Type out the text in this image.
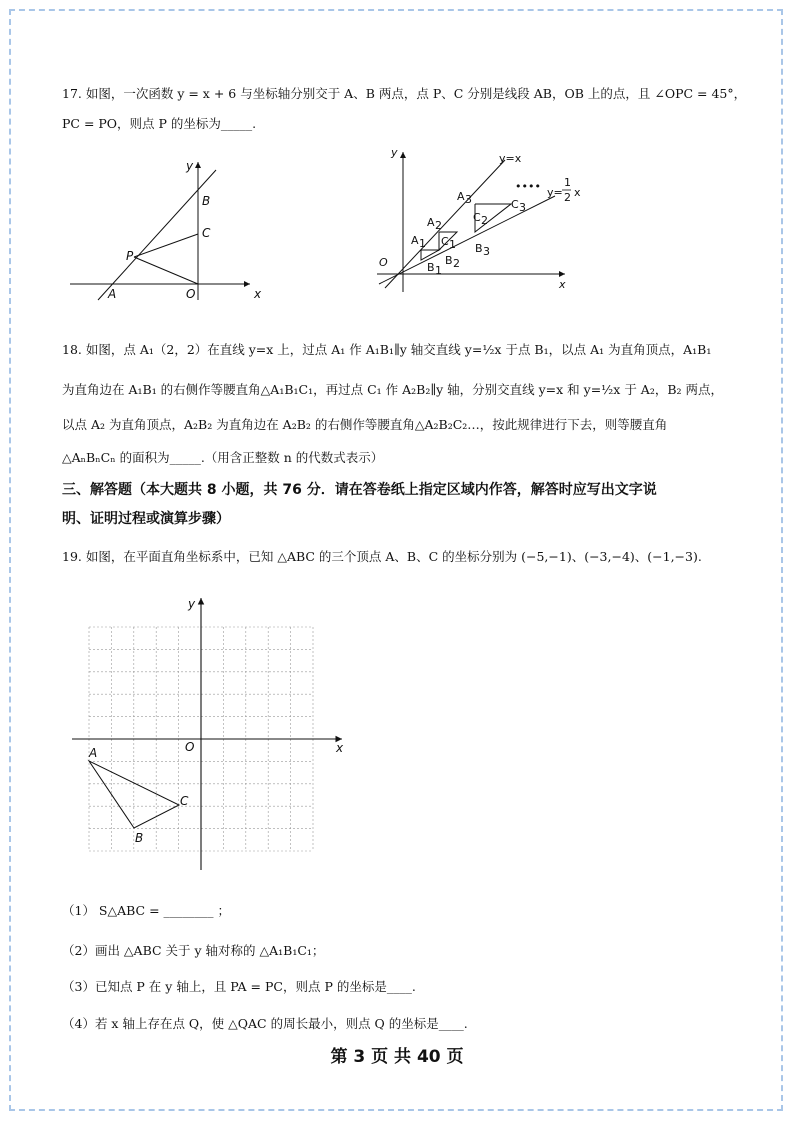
17. 如图，一次函数 y = x + 6 与坐标轴分别交于 A、B 两点，点 P、C 分别是线段 AB，OB 上的点，且 ∠OPC = 45°，
PC = PO，则点 P 的坐标为_____.
x
y
B
C
P
A	O
O
y
x
y=x
y=
1
2 x
••••
A 1
A 2
A 3
B 1
B 2
B 3
C 1
C 2
C 3
18. 如图，点 A₁（2，2）在直线 y=x 上，过点 A₁ 作 A₁B₁∥y 轴交直线 y=½x 于点 B₁，以点 A₁ 为直角顶点，A₁B₁
为直角边在 A₁B₁ 的右侧作等腰直角△A₁B₁C₁，再过点 C₁ 作 A₂B₂∥y 轴，分别交直线 y=x 和 y=½x 于 A₂，B₂ 两点，
以点 A₂ 为直角顶点，A₂B₂ 为直角边在 A₂B₂ 的右侧作等腰直角△A₂B₂C₂…，按此规律进行下去，则等腰直角
△AₙBₙCₙ 的面积为_____.（用含正整数 n 的代数式表示）
三、解答题（本大题共 8 小题，共 76 分．请在答卷纸上指定区域内作答，解答时应写出文字说
明、证明过程或演算步骤）
19. 如图，在平面直角坐标系中，已知 △ABC 的三个顶点 A、B、C 的坐标分别为 (−5,−1)、(−3,−4)、(−1,−3).
x
y
O
A
B
C
（1） S△ABC = ________ ；
（2）画出 △ABC 关于 y 轴对称的 △A₁B₁C₁；
（3）已知点 P 在 y 轴上，且 PA = PC，则点 P 的坐标是____.
（4）若 x 轴上存在点 Q，使 △QAC 的周长最小，则点 Q 的坐标是____.
第 3 页 共 40 页
